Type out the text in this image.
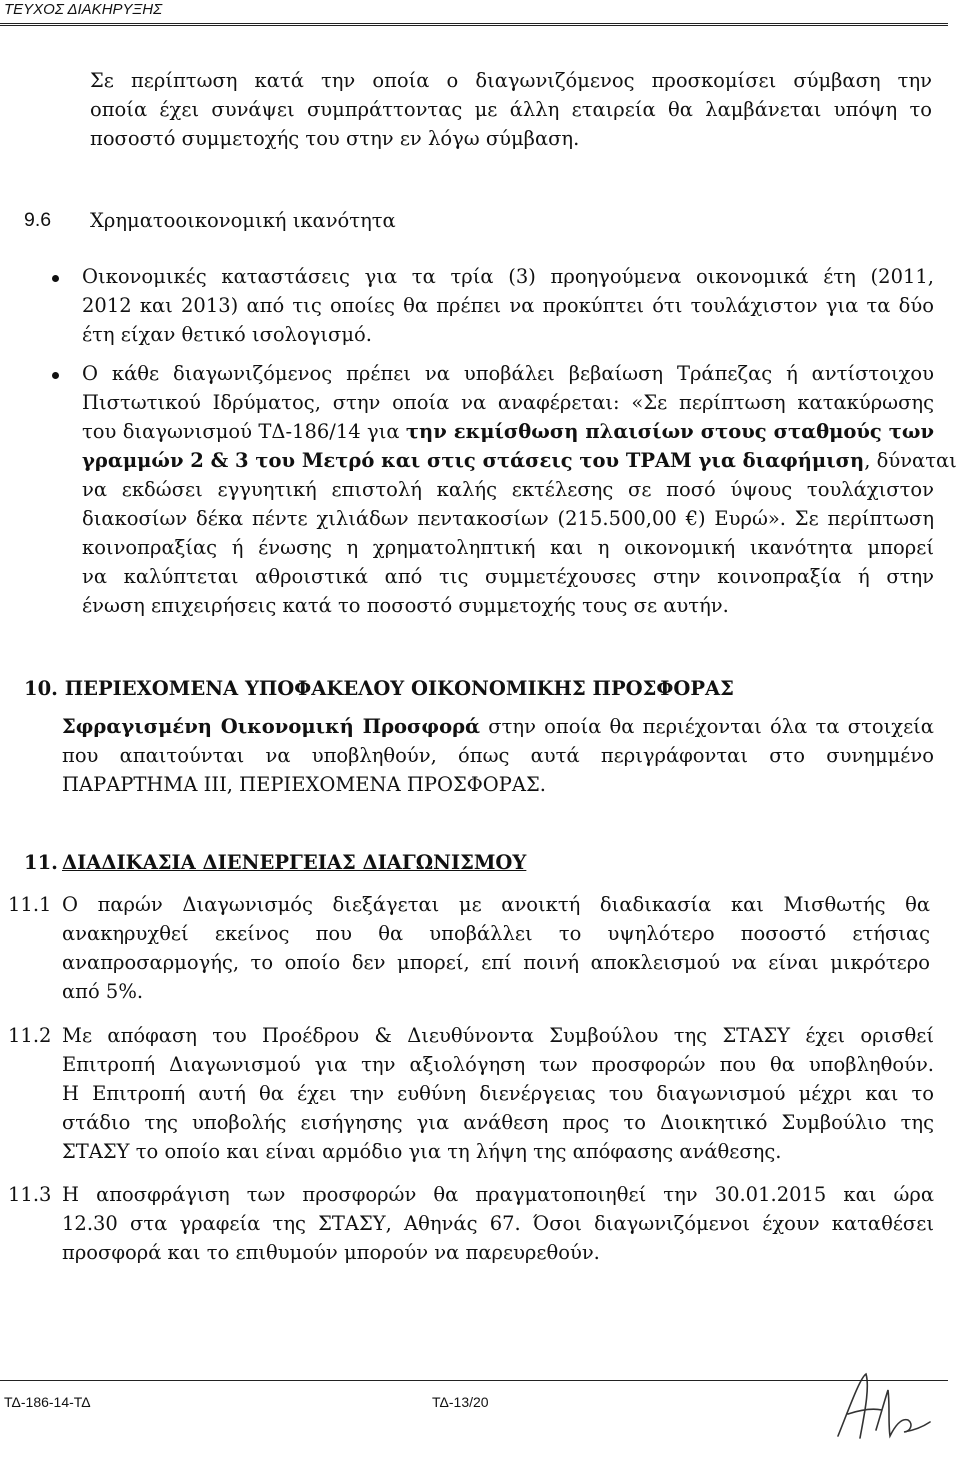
ΤΕΥΧΟΣ ΔΙΑΚΗΡΥΞΗΣ
Σε περίπτωση κατά την οποία ο διαγωνιζόμενος προσκομίσει σύμβαση την
οποία έχει συνάψει συμπράττοντας με άλλη εταιρεία θα λαμβάνεται υπόψη το
ποσοστό συμμετοχής του στην εν λόγω σύμβαση.
9.6 Χρηματοοικονομική ικανότητα
Οικονομικές καταστάσεις για τα τρία (3) προηγούμενα οικονομικά έτη (2011,
2012 και 2013) από τις οποίες θα πρέπει να προκύπτει ότι τουλάχιστον για τα δύο
έτη είχαν θετικό ισολογισμό.
Ο κάθε διαγωνιζόμενος πρέπει να υποβάλει βεβαίωση Τράπεζας ή αντίστοιχου
Πιστωτικού Ιδρύματος, στην οποία να αναφέρεται: «Σε περίπτωση κατακύρωσης
του διαγωνισμού ΤΔ-186/14 για την εκμίσθωση πλαισίων στους σταθμούς των
γραμμών 2 & 3 του Μετρό και στις στάσεις του ΤΡΑΜ για διαφήμιση, δύναται
να εκδώσει εγγυητική επιστολή καλής εκτέλεσης σε ποσό ύψους τουλάχιστον
διακοσίων δέκα πέντε χιλιάδων πεντακοσίων (215.500,00 €) Ευρώ». Σε περίπτωση
κοινοπραξίας ή ένωσης η χρηματοληπτική και η οικονομική ικανότητα μπορεί
να καλύπτεται αθροιστικά από τις συμμετέχουσες στην κοινοπραξία ή στην
ένωση επιχειρήσεις κατά το ποσοστό συμμετοχής τους σε αυτήν.
10. ΠΕΡΙΕΧΟΜΕΝΑ ΥΠΟΦΑΚΕΛΟΥ ΟΙΚΟΝΟΜΙΚΗΣ ΠΡΟΣΦΟΡΑΣ
Σφραγισμένη Οικονομική Προσφορά στην οποία θα περιέχονται όλα τα στοιχεία
που απαιτούνται να υποβληθούν, όπως αυτά περιγράφονται στο συνημμένο
ΠΑΡΑΡΤΗΜΑ ΙΙΙ, ΠΕΡΙΕΧΟΜΕΝΑ ΠΡΟΣΦΟΡΑΣ.
11. ΔΙΑΔΙΚΑΣΙΑ ΔΙΕΝΕΡΓΕΙΑΣ ΔΙΑΓΩΝΙΣΜΟΥ
11.1 Ο παρών Διαγωνισμός διεξάγεται με ανοικτή διαδικασία και Μισθωτής θα
ανακηρυχθεί εκείνος που θα υποβάλλει το υψηλότερο ποσοστό ετήσιας
αναπροσαρμογής, το οποίο δεν μπορεί, επί ποινή αποκλεισμού να είναι μικρότερο
από 5%.
11.2 Με απόφαση του Προέδρου & Διευθύνοντα Συμβούλου της ΣΤΑΣΥ έχει ορισθεί
Επιτροπή Διαγωνισμού για την αξιολόγηση των προσφορών που θα υποβληθούν.
Η Επιτροπή αυτή θα έχει την ευθύνη διενέργειας του διαγωνισμού μέχρι και το
στάδιο της υποβολής εισήγησης για ανάθεση προς το Διοικητικό Συμβούλιο της
ΣΤΑΣΥ το οποίο και είναι αρμόδιο για τη λήψη της απόφασης ανάθεσης.
11.3 Η αποσφράγιση των προσφορών θα πραγματοποιηθεί την 30.01.2015 και ώρα
12.30 στα γραφεία της ΣΤΑΣΥ, Αθηνάς 67. Όσοι διαγωνιζόμενοι έχουν καταθέσει
προσφορά και το επιθυμούν μπορούν να παρευρεθούν.
ΤΔ-186-14-ΤΔ	ΤΔ-13/20
